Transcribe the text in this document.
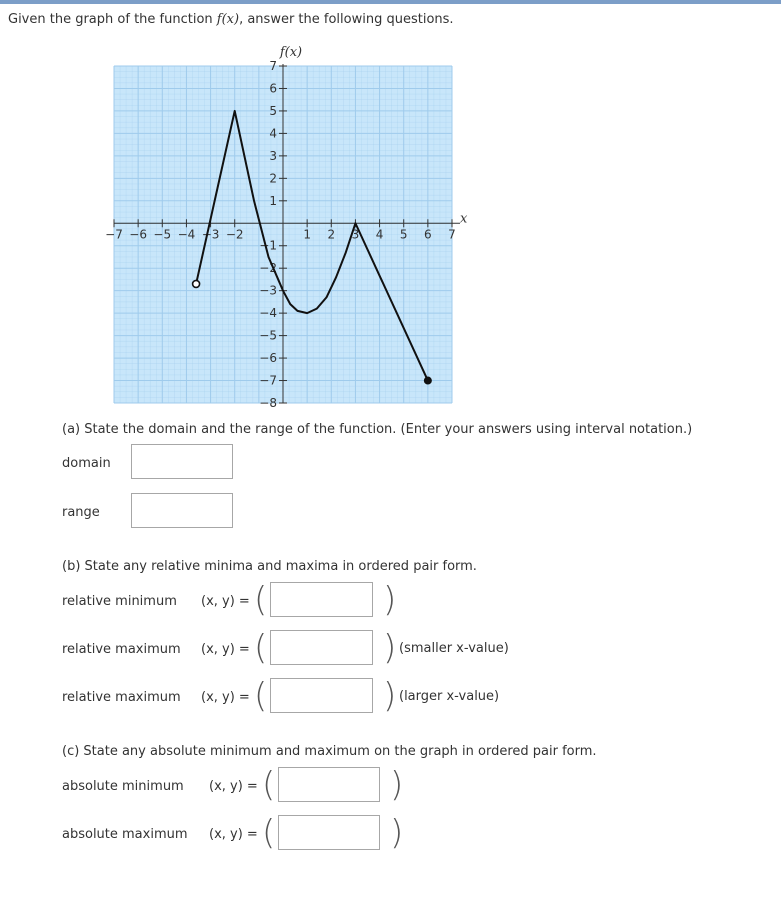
Given the graph of the function f(x), answer the following questions.
−7 −6 −5 −4 −3 −2	1 2 3 4 5 6 7
7
6
5
4
3
2
1
−1
−2
−3
−4
−5
−6
−7
−8
f(x)
x
(a) State the domain and the range of the function. (Enter your answers using interval notation.)
domain
range
(b) State any relative minima and maxima in ordered pair form.
relative minimum (x, y) = (	)
relative maximum (x, y) = (	) (smaller x-value)
relative maximum (x, y) = (	) (larger x-value)
(c) State any absolute minimum and maximum on the graph in ordered pair form.
absolute minimum (x, y) = (	)
absolute maximum (x, y) = (	)
